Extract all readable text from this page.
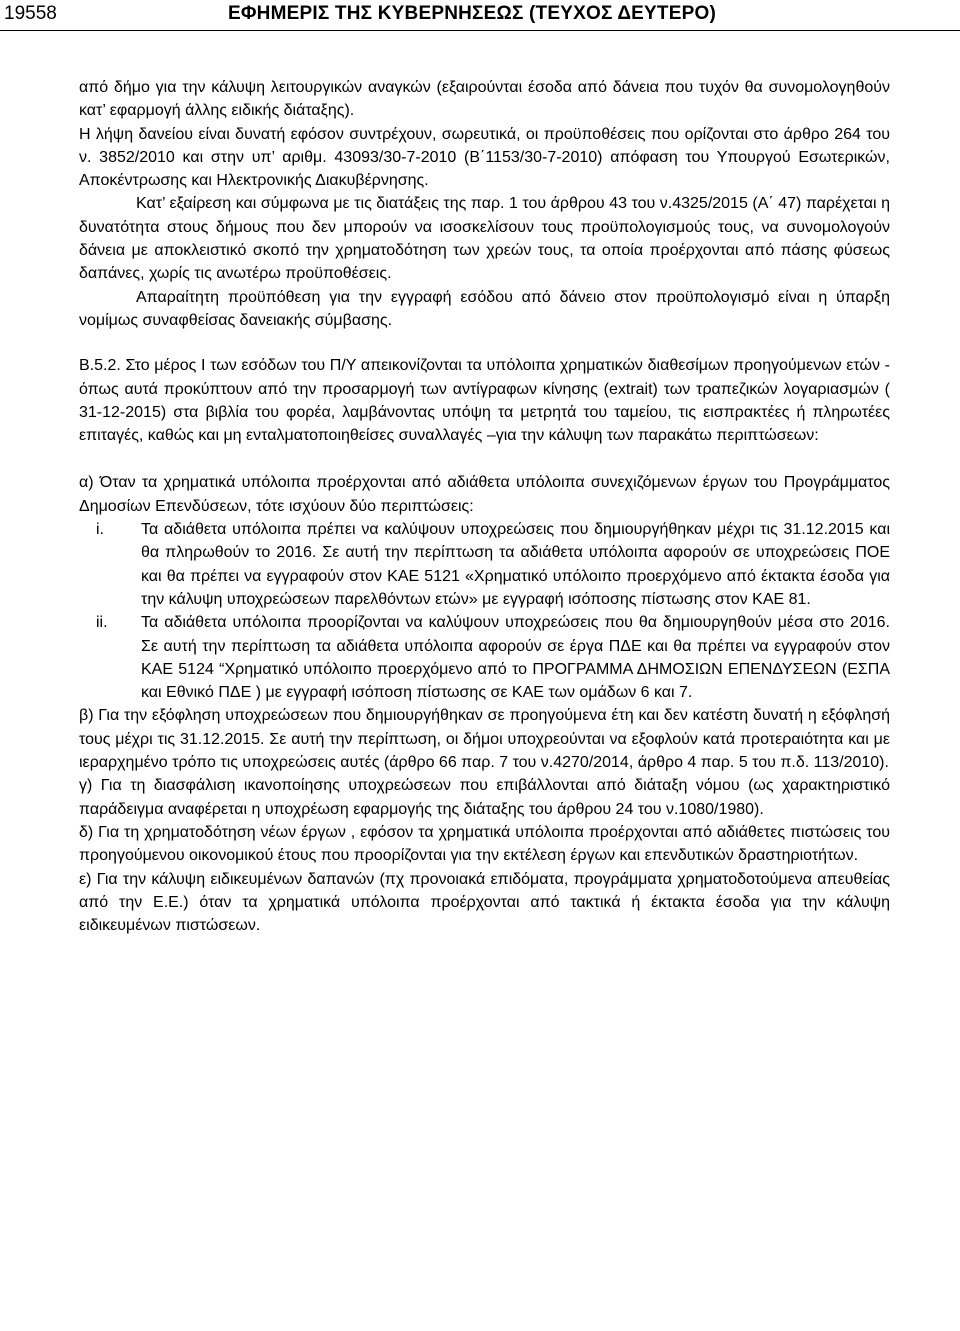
19558	ΕΦΗΜΕΡΙΣ ΤΗΣ ΚΥΒΕΡΝΗΣΕΩΣ (ΤΕΥΧΟΣ ΔΕΥΤΕΡΟ)

από δήμο για την κάλυψη λειτουργικών αναγκών (εξαιρούνται έσοδα από δάνεια που τυχόν θα συνομολογηθούν κατ’ εφαρμογή άλλης ειδικής διάταξης).

Η λήψη δανείου είναι δυνατή εφόσον συντρέχουν, σωρευτικά, οι προϋποθέσεις που ορίζονται στο άρθρο 264 του ν. 3852/2010 και στην υπ’ αριθμ. 43093/30-7-2010 (Β΄1153/30-7-2010) απόφαση του Υπουργού Εσωτερικών, Αποκέντρωσης και Ηλεκτρονικής Διακυβέρνησης.

Κατ’ εξαίρεση και σύμφωνα με τις διατάξεις της παρ. 1 του άρθρου 43 του ν.4325/2015 (Α΄ 47) παρέχεται η δυνατότητα στους δήμους που δεν μπορούν να ισοσκελίσουν τους προϋπολογισμούς τους, να συνομολογούν δάνεια με αποκλειστικό σκοπό την χρηματοδότηση των χρεών τους, τα οποία προέρχονται από πάσης φύσεως δαπάνες, χωρίς τις ανωτέρω προϋποθέσεις.

Απαραίτητη προϋπόθεση για την εγγραφή εσόδου από δάνειο στον προϋπολογισμό είναι η ύπαρξη νομίμως συναφθείσας δανειακής σύμβασης.

Β.5.2. Στο μέρος Ι των εσόδων του Π/Υ απεικονίζονται τα υπόλοιπα χρηματικών διαθεσίμων προηγούμενων ετών - όπως αυτά προκύπτουν από την προσαρμογή των αντίγραφων κίνησης (extrait) των τραπεζικών λογαριασμών ( 31-12-2015) στα βιβλία του φορέα, λαμβάνοντας υπόψη τα μετρητά του ταμείου, τις εισπρακτέες ή πληρωτέες επιταγές, καθώς και μη ενταλματοποιηθείσες συναλλαγές –για την κάλυψη των παρακάτω περιπτώσεων:

α) Όταν τα χρηματικά υπόλοιπα προέρχονται από αδιάθετα υπόλοιπα συνεχιζόμενων έργων του Προγράμματος Δημοσίων Επενδύσεων, τότε ισχύουν δύο περιπτώσεις:

i. Τα αδιάθετα υπόλοιπα πρέπει να καλύψουν υποχρεώσεις που δημιουργήθηκαν μέχρι τις 31.12.2015 και θα πληρωθούν το 2016. Σε αυτή την περίπτωση τα αδιάθετα υπόλοιπα αφορούν σε υποχρεώσεις ΠΟΕ και θα πρέπει να εγγραφούν στον ΚΑΕ 5121 «Χρηματικό υπόλοιπο προερχόμενο από έκτακτα έσοδα για την κάλυψη υποχρεώσεων παρελθόντων ετών» με εγγραφή ισόποσης πίστωσης στον ΚΑΕ 81.
ii. Τα αδιάθετα υπόλοιπα προορίζονται να καλύψουν υποχρεώσεις που θα δημιουργηθούν μέσα στο 2016. Σε αυτή την περίπτωση τα αδιάθετα υπόλοιπα αφορούν σε έργα ΠΔΕ και θα πρέπει να εγγραφούν στον ΚΑΕ 5124 “Χρηματικό υπόλοιπο προερχόμενο από το ΠΡΟΓΡΑΜΜΑ ΔΗΜΟΣΙΩΝ ΕΠΕΝΔΥΣΕΩΝ (ΕΣΠΑ και Εθνικό ΠΔΕ ) με εγγραφή ισόποση πίστωσης σε ΚΑΕ των ομάδων 6 και 7.

β) Για την εξόφληση υποχρεώσεων που δημιουργήθηκαν σε προηγούμενα έτη και δεν κατέστη δυνατή η εξόφλησή τους μέχρι τις 31.12.2015. Σε αυτή την περίπτωση, οι δήμοι υποχρεούνται να εξοφλούν κατά προτεραιότητα και με ιεραρχημένο τρόπο τις υποχρεώσεις αυτές (άρθρο 66 παρ. 7 του ν.4270/2014, άρθρο 4 παρ. 5 του π.δ. 113/2010).

γ) Για τη διασφάλιση ικανοποίησης υποχρεώσεων που επιβάλλονται από διάταξη νόμου (ως χαρακτηριστικό παράδειγμα αναφέρεται η υποχρέωση εφαρμογής της διάταξης του άρθρου 24 του ν.1080/1980).

δ) Για τη χρηματοδότηση νέων έργων , εφόσον τα χρηματικά υπόλοιπα προέρχονται από αδιάθετες πιστώσεις του προηγούμενου οικονομικού έτους που προορίζονται για την εκτέλεση έργων και επενδυτικών δραστηριοτήτων.

ε) Για την κάλυψη ειδικευμένων δαπανών (πχ προνοιακά επιδόματα, προγράμματα χρηματοδοτούμενα απευθείας από την Ε.Ε.) όταν τα χρηματικά υπόλοιπα προέρχονται από τακτικά ή έκτακτα έσοδα για την κάλυψη ειδικευμένων πιστώσεων.
